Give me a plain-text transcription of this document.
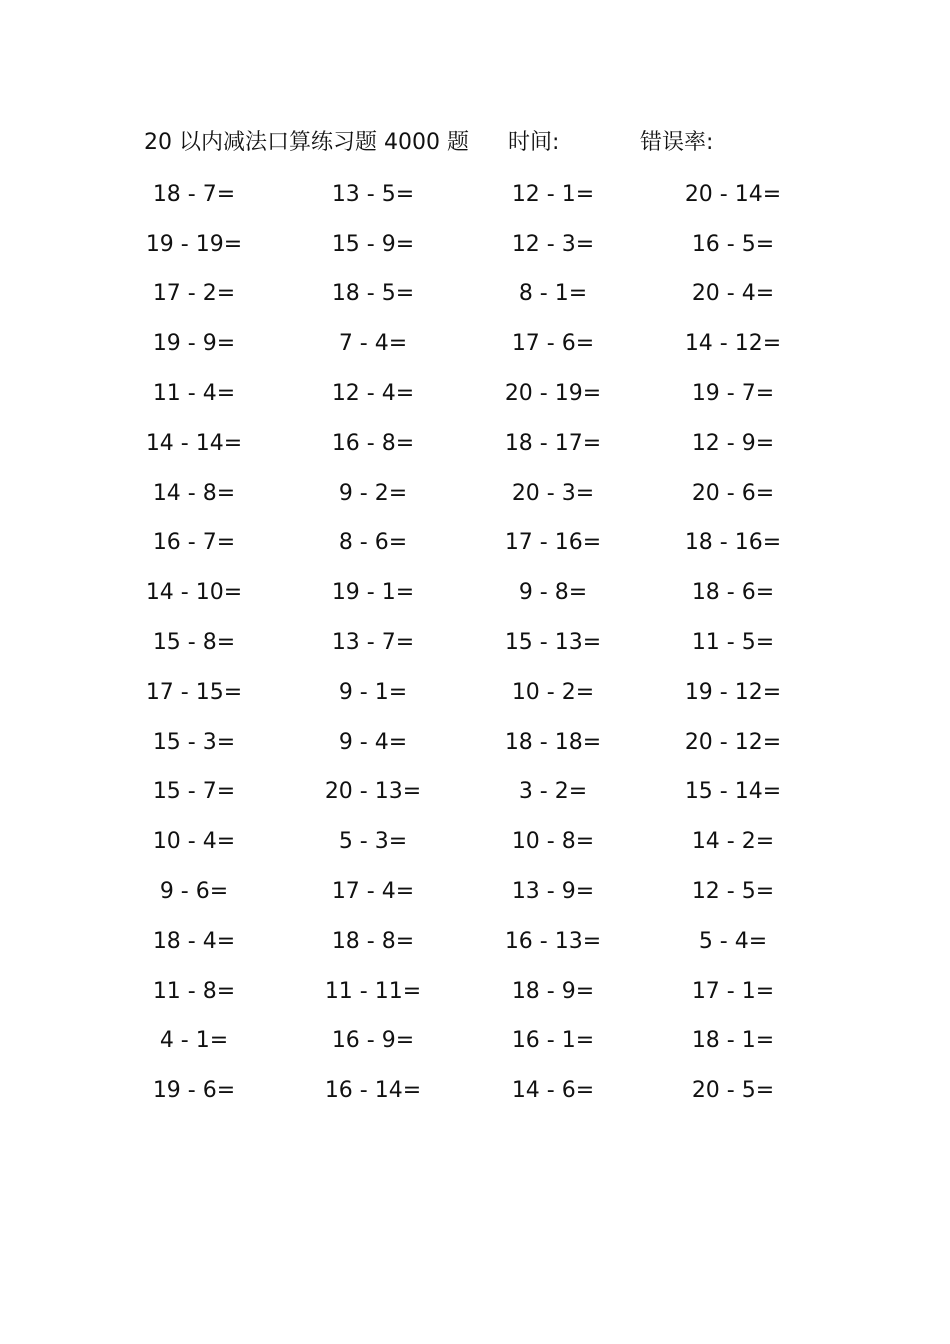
20 以内减法口算练习题 4000 题 时间:	错误率:
18 - 7=	13 - 5=	12 - 1=	20 - 14=
19 - 19=	15 - 9=	12 - 3=	16 - 5=
17 - 2=	18 - 5=	8 - 1=	20 - 4=
19 - 9=	7 - 4=	17 - 6=	14 - 12=
11 - 4=	12 - 4=	20 - 19=	19 - 7=
14 - 14=	16 - 8=	18 - 17=	12 - 9=
14 - 8=	9 - 2=	20 - 3=	20 - 6=
16 - 7=	8 - 6=	17 - 16=	18 - 16=
14 - 10=	19 - 1=	9 - 8=	18 - 6=
15 - 8=	13 - 7=	15 - 13=	11 - 5=
17 - 15=	9 - 1=	10 - 2=	19 - 12=
15 - 3=	9 - 4=	18 - 18=	20 - 12=
15 - 7=	20 - 13=	3 - 2=	15 - 14=
10 - 4=	5 - 3=	10 - 8=	14 - 2=
9 - 6=	17 - 4=	13 - 9=	12 - 5=
18 - 4=	18 - 8=	16 - 13=	5 - 4=
11 - 8=	11 - 11=	18 - 9=	17 - 1=
4 - 1=	16 - 9=	16 - 1=	18 - 1=
19 - 6=	16 - 14=	14 - 6=	20 - 5=
